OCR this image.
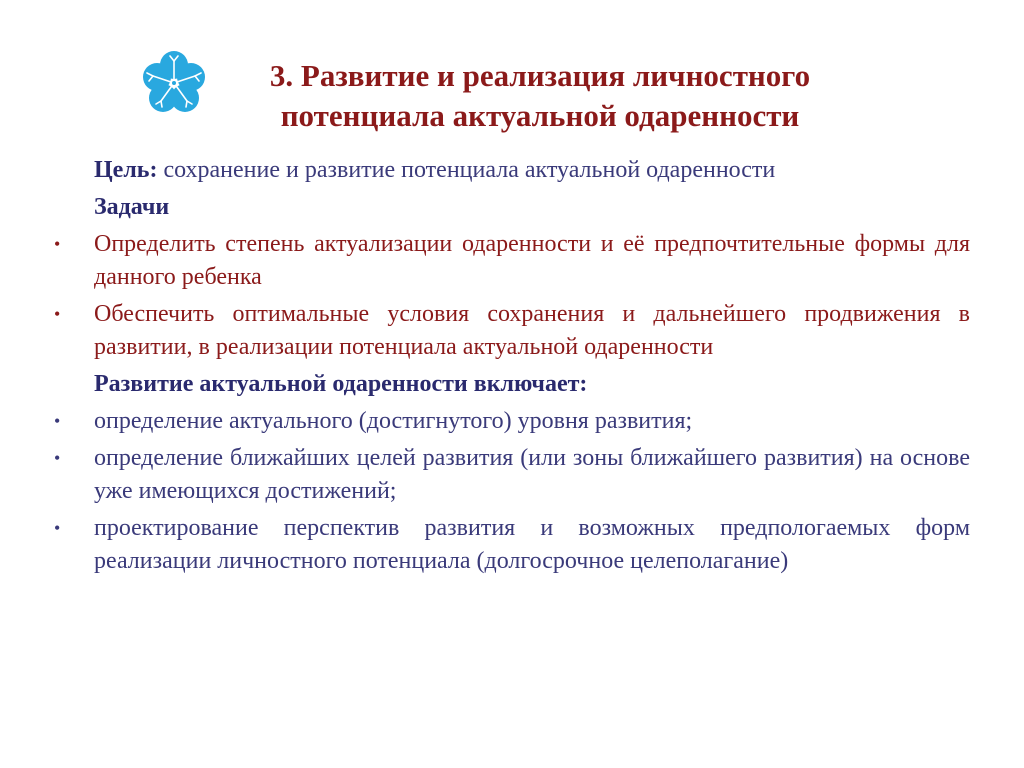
3. Развитие и реализация личностного
потенциала актуальной одаренности
Цель: сохранение и развитие потенциала актуальной одаренности
Задачи
• Определить степень актуализации одаренности и её предпочтительные формы для данного ребенка
• Обеспечить оптимальные условия сохранения и дальнейшего продвижения в развитии, в реализации потенциала актуальной одаренности
Развитие актуальной одаренности включает:
• определение актуального (достигнутого) уровня развития;
• определение ближайших целей развития (или зоны ближайшего развития) на основе уже имеющихся достижений;
• проектирование перспектив развития и возможных предпологаемых форм реализации личностного потенциала (долгосрочное целеполагание)
